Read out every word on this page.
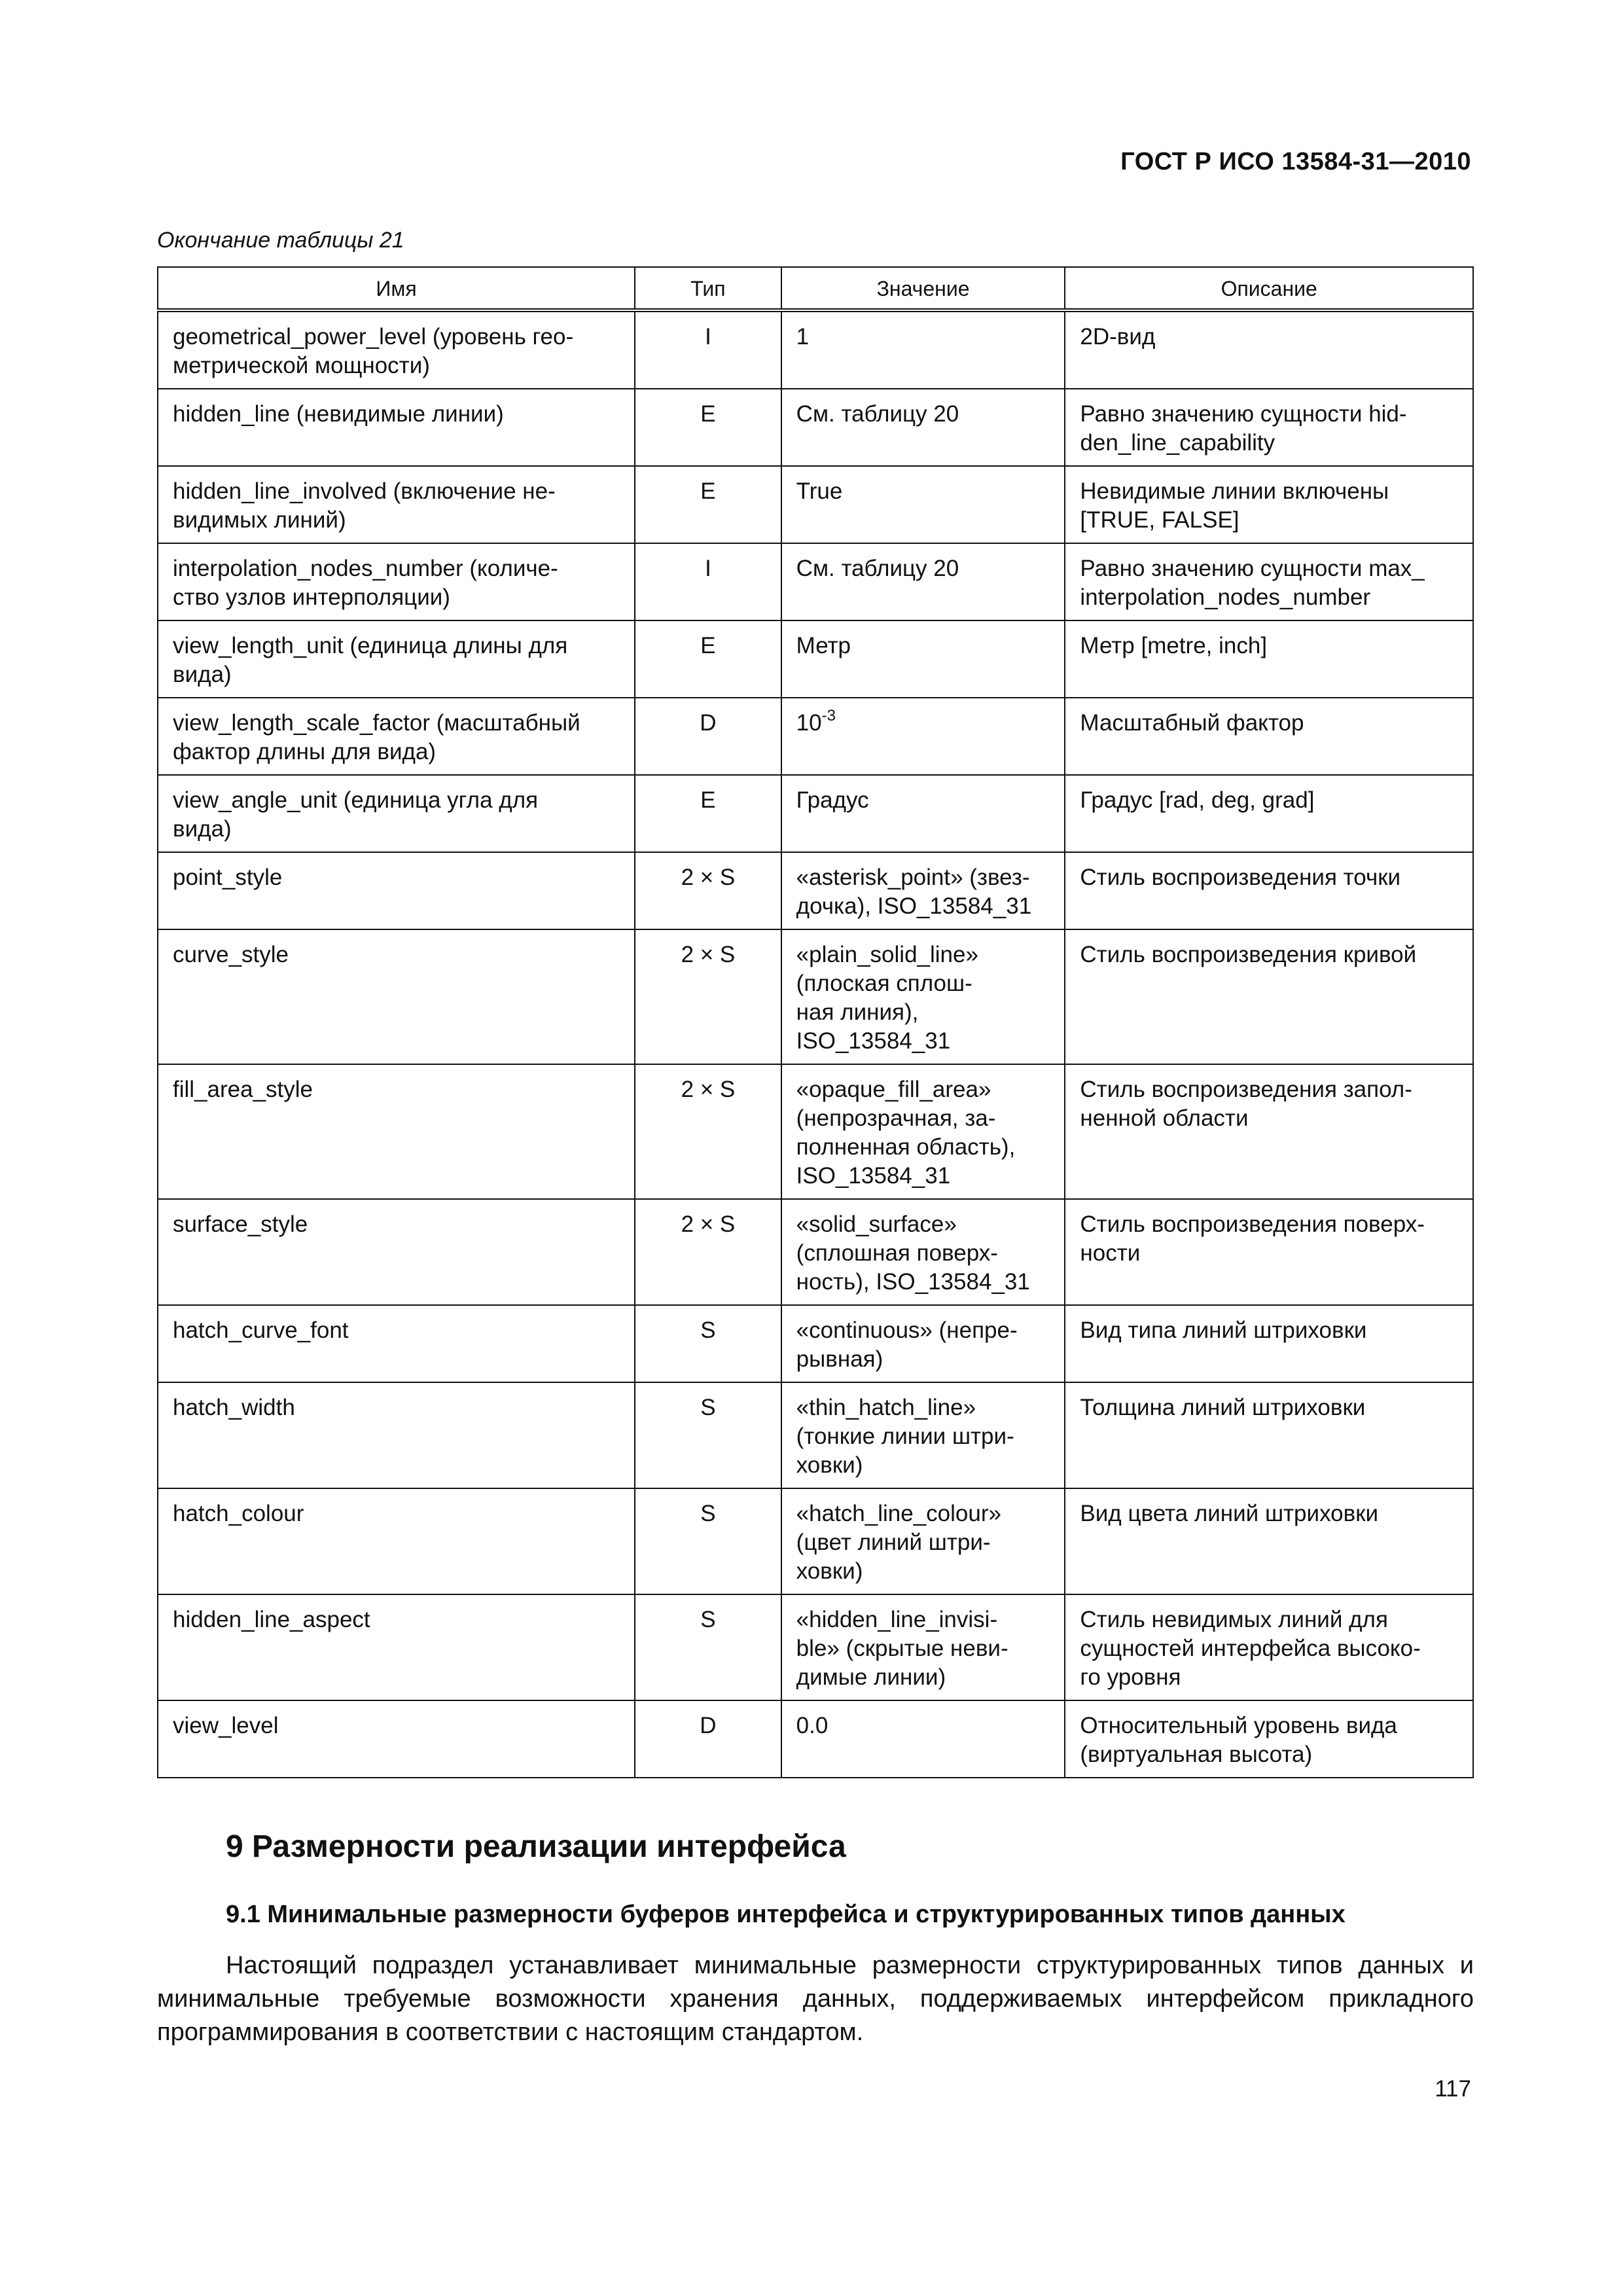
ГОСТ Р ИСО 13584-31—2010
Окончание таблицы 21
Имя	Тип	Значение	Описание

geometrical_power_level (уровень гео-
метрической мощности)	I	1	2D-вид

hidden_line (невидимые линии)	E	См. таблицу 20	Равно значению сущности hid-
den_line_capability

hidden_line_involved (включение не-
видимых линий)	E	True	Невидимые линии включены
[TRUE, FALSE]

interpolation_nodes_number (количе-
ство узлов интерполяции)	I	См. таблицу 20	Равно значению сущности max_
interpolation_nodes_number

view_length_unit (единица длины для
вида)	E	Метр	Метр [metre, inch]

view_length_scale_factor (масштабный
фактор длины для вида)	D	$10^{-3}$	Масштабный фактор

view_angle_unit (единица угла для
вида)	E	Градус	Градус [rad, deg, grad]

point_style	2 × S	«asterisk_point» (звез-
дочка), ISO_13584_31	Стиль воспроизведения точки

curve_style	2 × S	«plain_solid_line»
(плоская сплош-
ная линия),
ISO_13584_31	Стиль воспроизведения кривой

fill_area_style	2 × S	«opaque_fill_area»
(непрозрачная, за-
полненная область),
ISO_13584_31	Стиль воспроизведения запол-
ненной области

surface_style	2 × S	«solid_surface»
(сплошная поверх-
ность), ISO_13584_31	Стиль воспроизведения поверх-
ности

hatch_curve_font	S	«continuous» (непре-
рывная)	Вид типа линий штриховки

hatch_width	S	«thin_hatch_line»
(тонкие линии штри-
ховки)	Толщина линий штриховки

hatch_colour	S	«hatch_line_colour»
(цвет линий штри-
ховки)	Вид цвета линий штриховки

hidden_line_aspect	S	«hidden_line_invisi-
ble» (скрытые неви-
димые линии)	Стиль невидимых линий для
сущностей интерфейса высоко-
го уровня

view_level	D	0.0	Относительный уровень вида
(виртуальная высота)
9 Размерности реализации интерфейса
9.1 Минимальные размерности буферов интерфейса и структурированных типов данных
Настоящий подраздел устанавливает минимальные размерности структурированных типов данных и минимальные требуемые возможности хранения данных, поддерживаемых интерфейсом прикладного программирования в соответствии с настоящим стандартом.
117
